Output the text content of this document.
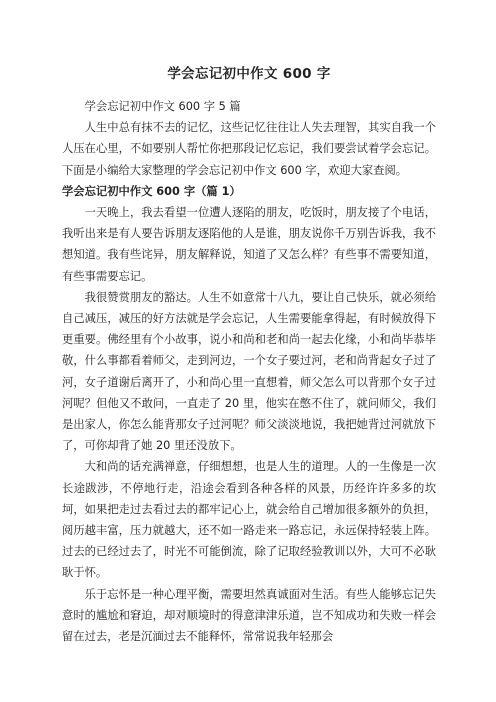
学会忘记初中作文 600 字

学会忘记初中作文 600 字 5 篇

人生中总有抹不去的记忆，这些记忆往往让人失去理智，其实自我一个人压在心里，不如要别人帮忙你把那段记忆忘记，我们要尝试着学会忘记。下面是小编给大家整理的学会忘记初中作文 600 字，欢迎大家查阅。

学会忘记初中作文 600 字（篇 1）

一天晚上，我去看望一位遭人逐陷的朋友，吃饭时，朋友接了个电话，我听出来是有人要告诉朋友逐陷他的人是谁，朋友说你千万别告诉我，我不想知道。我有些诧异，朋友解释说，知道了又怎么样？有些事不需要知道，有些事需要忘记。

我很赞赏朋友的豁达。人生不如意常十八九，要让自己快乐，就必须给自己减压，减压的好方法就是学会忘记，人生需要能拿得起，有时候放得下更重要。佛经里有个小故事，说小和尚和老和尚一起去化缘，小和尚毕恭毕敬，什么事都看着师父，走到河边，一个女子要过河，老和尚背起女子过了河，女子道谢后离开了，小和尚心里一直想着，师父怎么可以背那个女子过河呢？但他又不敢问，一直走了 20 里，他实在憋不住了，就问师父，我们是出家人，你怎么能背那女子过河呢？师父淡淡地说，我把她背过河就放下了，可你却背了她 20 里还没放下。

大和尚的话充满禅意，仔细想想，也是人生的道理。人的一生像是一次长途跋涉，不停地行走，沿途会看到各种各样的风景，历经许许多多的坎坷，如果把走过去看过去的都牢记心上，就会给自己增加很多额外的负担，阅历越丰富，压力就越大，还不如一路走来一路忘记，永远保持轻装上阵。过去的已经过去了，时光不可能倒流，除了记取经验教训以外，大可不必耿耿于怀。

乐于忘怀是一种心理平衡，需要坦然真诚面对生活。有些人能够忘记失意时的尴尬和窘迫，却对顺境时的得意津津乐道，岂不知成功和失败一样会留在过去，老是沉湎过去不能释怀，常常说我年轻那会
